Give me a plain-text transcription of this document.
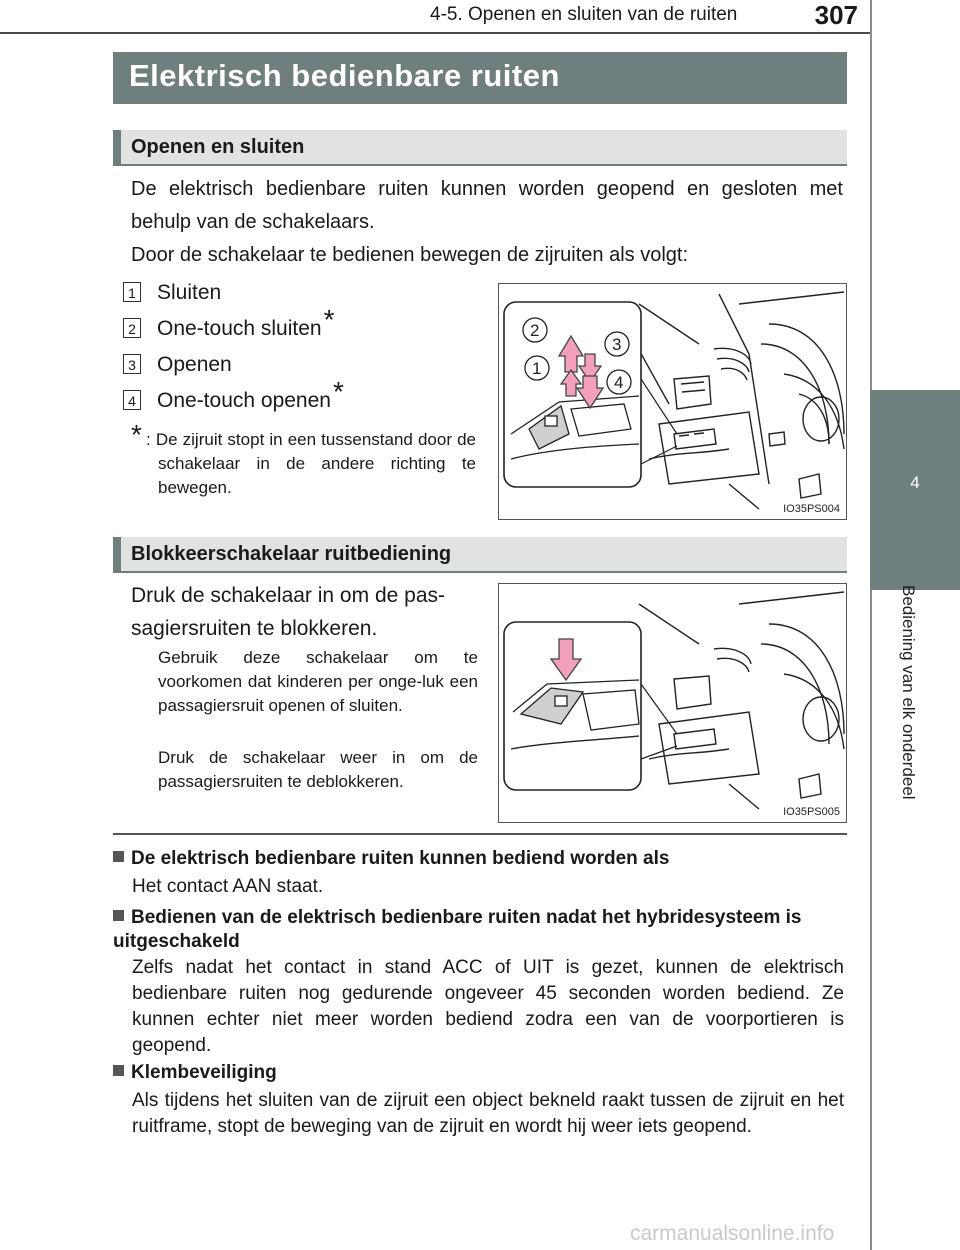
4-5. Openen en sluiten van de ruiten	307
4
Bediening van elk onderdeel
Elektrisch bedienbare ruiten
Openen en sluiten
De elektrisch bedienbare ruiten kunnen worden geopend en gesloten met behulp van de schakelaars.
Door de schakelaar te bedienen bewegen de zijruiten als volgt:
1 Sluiten
2 One-touch sluiten*
3 Openen
4 One-touch openen*
* : De zijruit stopt in een tussenstand door de schakelaar in de andere richting te bewegen.
2
3
1
4
IO35PS004
Blokkeerschakelaar ruitbediening
Druk de schakelaar in om de pas-sagiersruiten te blokkeren.
Gebruik deze schakelaar om te voorkomen dat kinderen per onge-luk een passagiersruit openen of sluiten.
Druk de schakelaar weer in om de passagiersruiten te deblokkeren.
IO35PS005
De elektrisch bedienbare ruiten kunnen bediend worden als
Het contact AAN staat.
Bedienen van de elektrisch bedienbare ruiten nadat het hybridesysteem is uitgeschakeld
Zelfs nadat het contact in stand ACC of UIT is gezet, kunnen de elektrisch bedienbare ruiten nog gedurende ongeveer 45 seconden worden bediend. Ze kunnen echter niet meer worden bediend zodra een van de voorportieren is geopend.
Klembeveiliging
Als tijdens het sluiten van de zijruit een object bekneld raakt tussen de zijruit en het ruitframe, stopt de beweging van de zijruit en wordt hij weer iets geopend.
carmanualsonline.info
